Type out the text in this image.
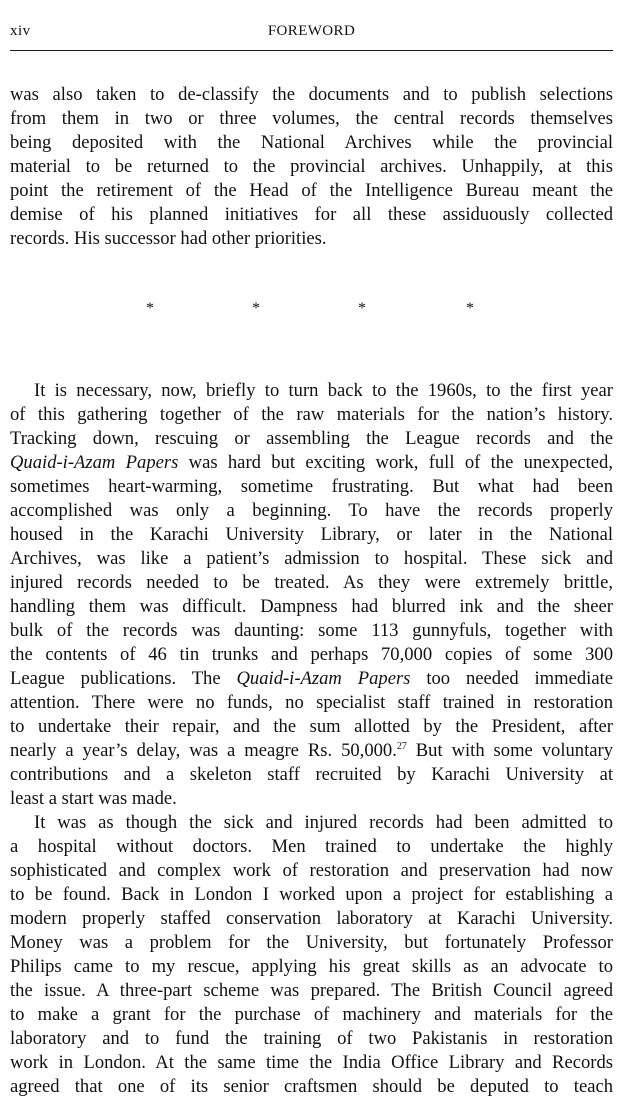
xiv	FOREWORD
was also taken to de-classify the documents and to publish selections
from them in two or three volumes, the central records themselves
being deposited with the National Archives while the provincial
material to be returned to the provincial archives. Unhappily, at this
point the retirement of the Head of the Intelligence Bureau meant the
demise of his planned initiatives for all these assiduously collected
records. His successor had other priorities.
*	*	*	*
It is necessary, now, briefly to turn back to the 1960s, to the first year
of this gathering together of the raw materials for the nation’s history.
Tracking down, rescuing or assembling the League records and the
Quaid-i-Azam Papers was hard but exciting work, full of the unexpected,
sometimes heart-warming, sometime frustrating. But what had been
accomplished was only a beginning. To have the records properly
housed in the Karachi University Library, or later in the National
Archives, was like a patient’s admission to hospital. These sick and
injured records needed to be treated. As they were extremely brittle,
handling them was difficult. Dampness had blurred ink and the sheer
bulk of the records was daunting: some 113 gunnyfuls, together with
the contents of 46 tin trunks and perhaps 70,000 copies of some 300
League publications. The Quaid-i-Azam Papers too needed immediate
attention. There were no funds, no specialist staff trained in restoration
to undertake their repair, and the sum allotted by the President, after
nearly a year’s delay, was a meagre Rs. 50,000.27 But with some voluntary
contributions and a skeleton staff recruited by Karachi University at
least a start was made.
It was as though the sick and injured records had been admitted to
a hospital without doctors. Men trained to undertake the highly
sophisticated and complex work of restoration and preservation had now
to be found. Back in London I worked upon a project for establishing a
modern properly staffed conservation laboratory at Karachi University.
Money was a problem for the University, but fortunately Professor
Philips came to my rescue, applying his great skills as an advocate to
the issue. A three-part scheme was prepared. The British Council agreed
to make a grant for the purchase of machinery and materials for the
laboratory and to fund the training of two Pakistanis in restoration
work in London. At the same time the India Office Library and Records
agreed that one of its senior craftsmen should be deputed to teach
